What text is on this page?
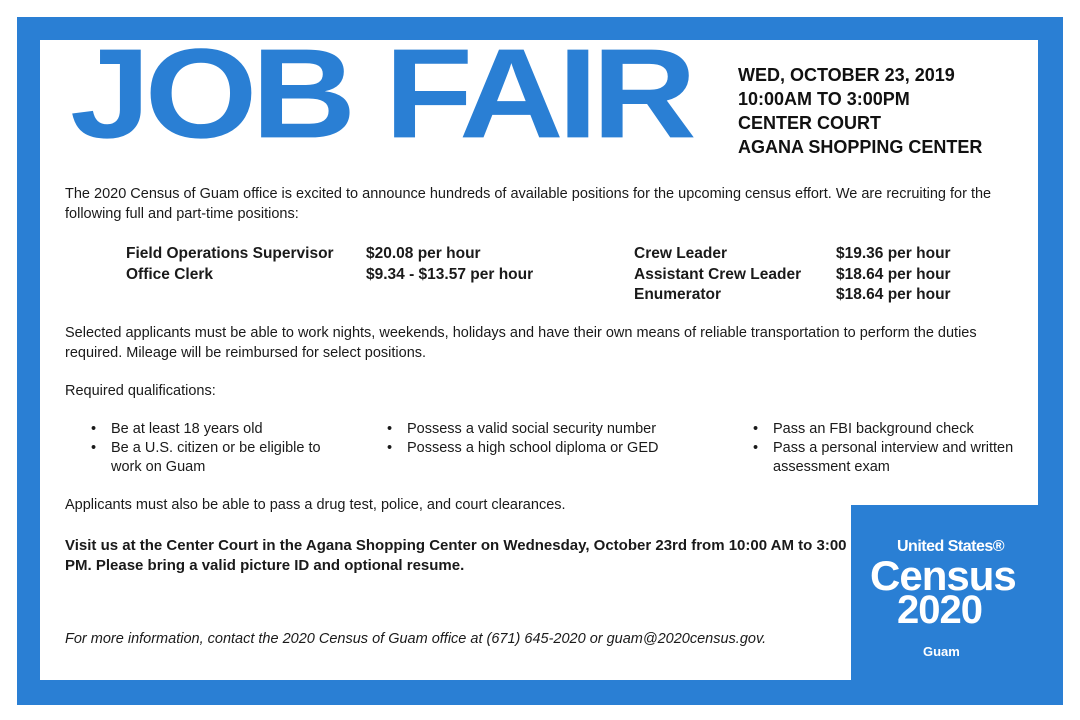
JOB FAIR	WED, OCTOBER 23, 2019
10:00AM TO 3:00PM
CENTER COURT
AGANA SHOPPING CENTER
The 2020 Census of Guam office is excited to announce hundreds of available positions for the upcoming census effort. We are recruiting for the following full and part-time positions:
Field Operations Supervisor $20.08 per hour
Office Clerk	$9.34 - $13.57 per hour
Crew Leader	$19.36 per hour
Assistant Crew Leader $18.64 per hour
Enumerator	$18.64 per hour
Selected applicants must be able to work nights, weekends, holidays and have their own means of reliable transportation to perform the duties required. Mileage will be reimbursed for select positions.
Required qualifications:
• Be at least 18 years old
• Be a U.S. citizen or be eligible to work on Guam
• Possess a valid social security number
• Possess a high school diploma or GED
• Pass an FBI background check
• Pass a personal interview and written assessment exam
Applicants must also be able to pass a drug test, police, and court clearances.
Visit us at the Center Court in the Agana Shopping Center on Wednesday, October 23rd from 10:00 AM to 3:00 PM. Please bring a valid picture ID and optional resume.
For more information, contact the 2020 Census of Guam office at (671) 645-2020 or guam@2020census.gov.
United States®
Census
2020
Guam
